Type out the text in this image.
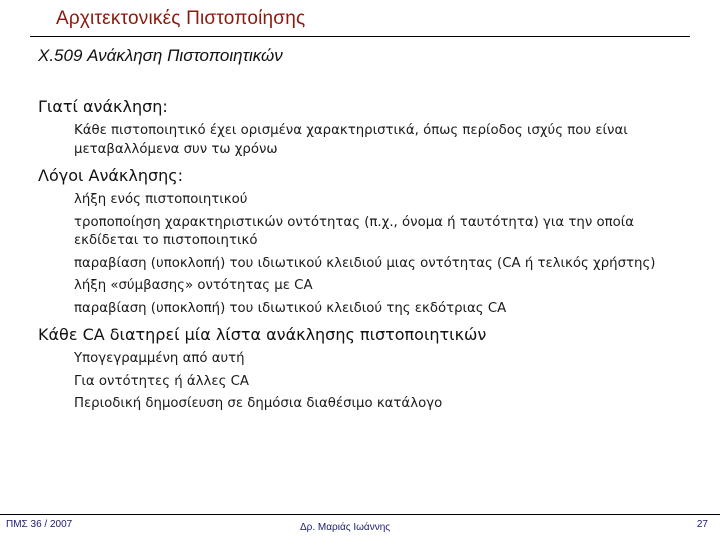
Αρχιτεκτονικές Πιστοποίησης
X.509 Ανάκληση Πιστοποιητικών
Γιατί ανάκληση:
Κάθε πιστοποιητικό έχει ορισμένα χαρακτηριστικά, όπως περίοδος ισχύς που είναι μεταβαλλόμενα συν τω χρόνω
Λόγοι Ανάκλησης:
λήξη ενός πιστοποιητικού
τροποποίηση χαρακτηριστικών οντότητας (π.χ., όνομα ή ταυτότητα) για την οποία εκδίδεται το πιστοποιητικό
παραβίαση (υποκλοπή) του ιδιωτικού κλειδιού μιας οντότητας (CA ή τελικός χρήστης)
λήξη «σύμβασης» οντότητας με CA
παραβίαση (υποκλοπή) του ιδιωτικού κλειδιού της εκδότριας CA
Κάθε CA διατηρεί μία λίστα ανάκλησης πιστοποιητικών
Υπογεγραμμένη από αυτή
Για οντότητες ή άλλες CA
Περιοδική δημοσίευση σε δημόσια διαθέσιμο κατάλογο
ΠΜΣ 36 / 2007	Δρ. Μαριάς Ιωάννης	27
